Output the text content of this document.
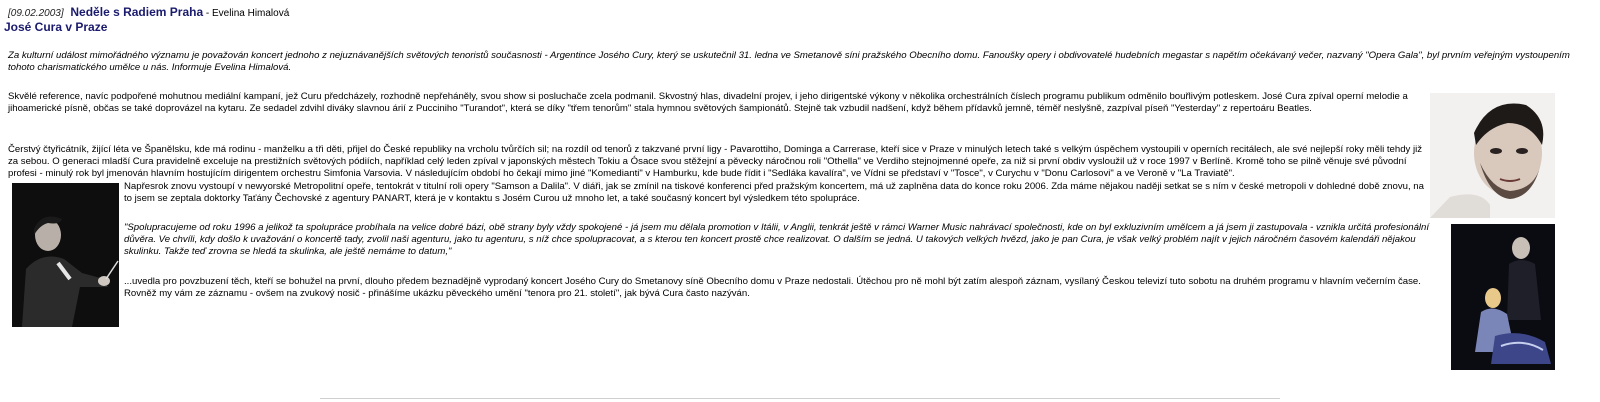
[09.02.2003] Neděle s Radiem Praha - Evelina Himalová
José Cura v Praze

Za kulturní událost mimořádného významu je považován koncert jednoho z nejuznávanějších světových tenoristů současnosti - Argentince Josého Cury, který se uskutečnil 31. ledna ve Smetanově síni pražského Obecního domu. Fanoušky opery i obdivovatelé hudebních megastar s napětím očekávaný večer, nazvaný "Opera Gala", byl prvním veřejným vystoupením tohoto charismatického umělce u nás. Informuje Evelina Himalová.

Skvělé reference, navíc podpořené mohutnou mediální kampaní, jež Curu předcházely, rozhodně nepřeháněly, svou show si posluchače zcela podmanil. Skvostný hlas, divadelní projev, i jeho dirigentské výkony v několika orchestrálních číslech programu publikum odměnilo bouřlivým potleskem. José Cura zpíval operní melodie a jihoamerické písně, občas se také doprovázel na kytaru. Ze sedadel zdvihl diváky slavnou árií z Pucciniho "Turandot", která se díky "třem tenorům" stala hymnou světových šampionátů. Stejně tak vzbudil nadšení, když během přídavků jemně, téměř neslyšně, zazpíval píseň "Yesterday" z repertoáru Beatles.

Čerstvý čtyřicátník, žijící léta ve Španělsku, kde má rodinu - manželku a tři děti, přijel do České republiky na vrcholu tvůrčích sil; na rozdíl od tenorů z takzvané první ligy - Pavarottiho, Dominga a Carrerase, kteří sice v Praze v minulých letech také s velkým úspěchem vystoupili v operních recitálech, ale své nejlepší roky měli tehdy již za sebou. O generaci mladší Cura pravidelně exceluje na prestižních světových pódiích, například celý leden zpíval v japonských městech Tokiu a Ósace svou stěžejní a pěvecky náročnou roli "Othella" ve Verdiho stejnojmenné opeře, za niž si první obdiv vysloužil už v roce 1997 v Berlíně. Kromě toho se pilně věnuje své původní profesi - minulý rok byl jmenován hlavním hostujícím dirigentem orchestru Simfonia Varsovia. V následujícím období ho čekají mimo jiné "Komedianti" v Hamburku, kde bude řídit i "Sedláka kavalíra", ve Vídni se představí v "Tosce", v Curychu v "Donu Carlosovi" a ve Veroně v "La Traviatě".

Napřesrok znovu vystoupí v newyorské Metropolitní opeře, tentokrát v titulní roli opery "Samson a Dalila". V diáři, jak se zmínil na tiskové konferenci před pražským koncertem, má už zaplněna data do konce roku 2006. Zda máme nějakou naději setkat se s ním v české metropoli v dohledné době znovu, na to jsem se zeptala doktorky Taťány Čechovské z agentury PANART, která je v kontaktu s Josém Curou už mnoho let, a také současný koncert byl výsledkem této spolupráce.

"Spolupracujeme od roku 1996 a jelikož ta spolupráce probíhala na velice dobré bázi, obě strany byly vždy spokojené - já jsem mu dělala promotion v Itálii, v Anglii, tenkrát ještě v rámci Warner Music nahrávací společnosti, kde on byl exkluzivním umělcem a já jsem ji zastupovala - vznikla určitá profesionální důvěra. Ve chvíli, kdy došlo k uvažování o koncertě tady, zvolil naši agenturu, jako tu agenturu, s níž chce spolupracovat, a s kterou ten koncert prostě chce realizovat. O dalším se jedná. U takových velkých hvězd, jako je pan Cura, je však velký problém najít v jejich náročném časovém kalendáři nějakou skulinku. Takže teď zrovna se hledá ta skulinka, ale ještě nemáme to datum,"

...uvedla pro povzbuzení těch, kteří se bohužel na první, dlouho předem beznadějně vyprodaný koncert Josého Cury do Smetanovy síně Obecního domu v Praze nedostali. Útěchou pro ně mohl být zatím alespoň záznam, vysílaný Českou televizí tuto sobotu na druhém programu v hlavním večerním čase. Rovněž my vám ze záznamu - ovšem na zvukový nosič - přinášíme ukázku pěveckého umění "tenora pro 21. století", jak bývá Cura často nazýván.
